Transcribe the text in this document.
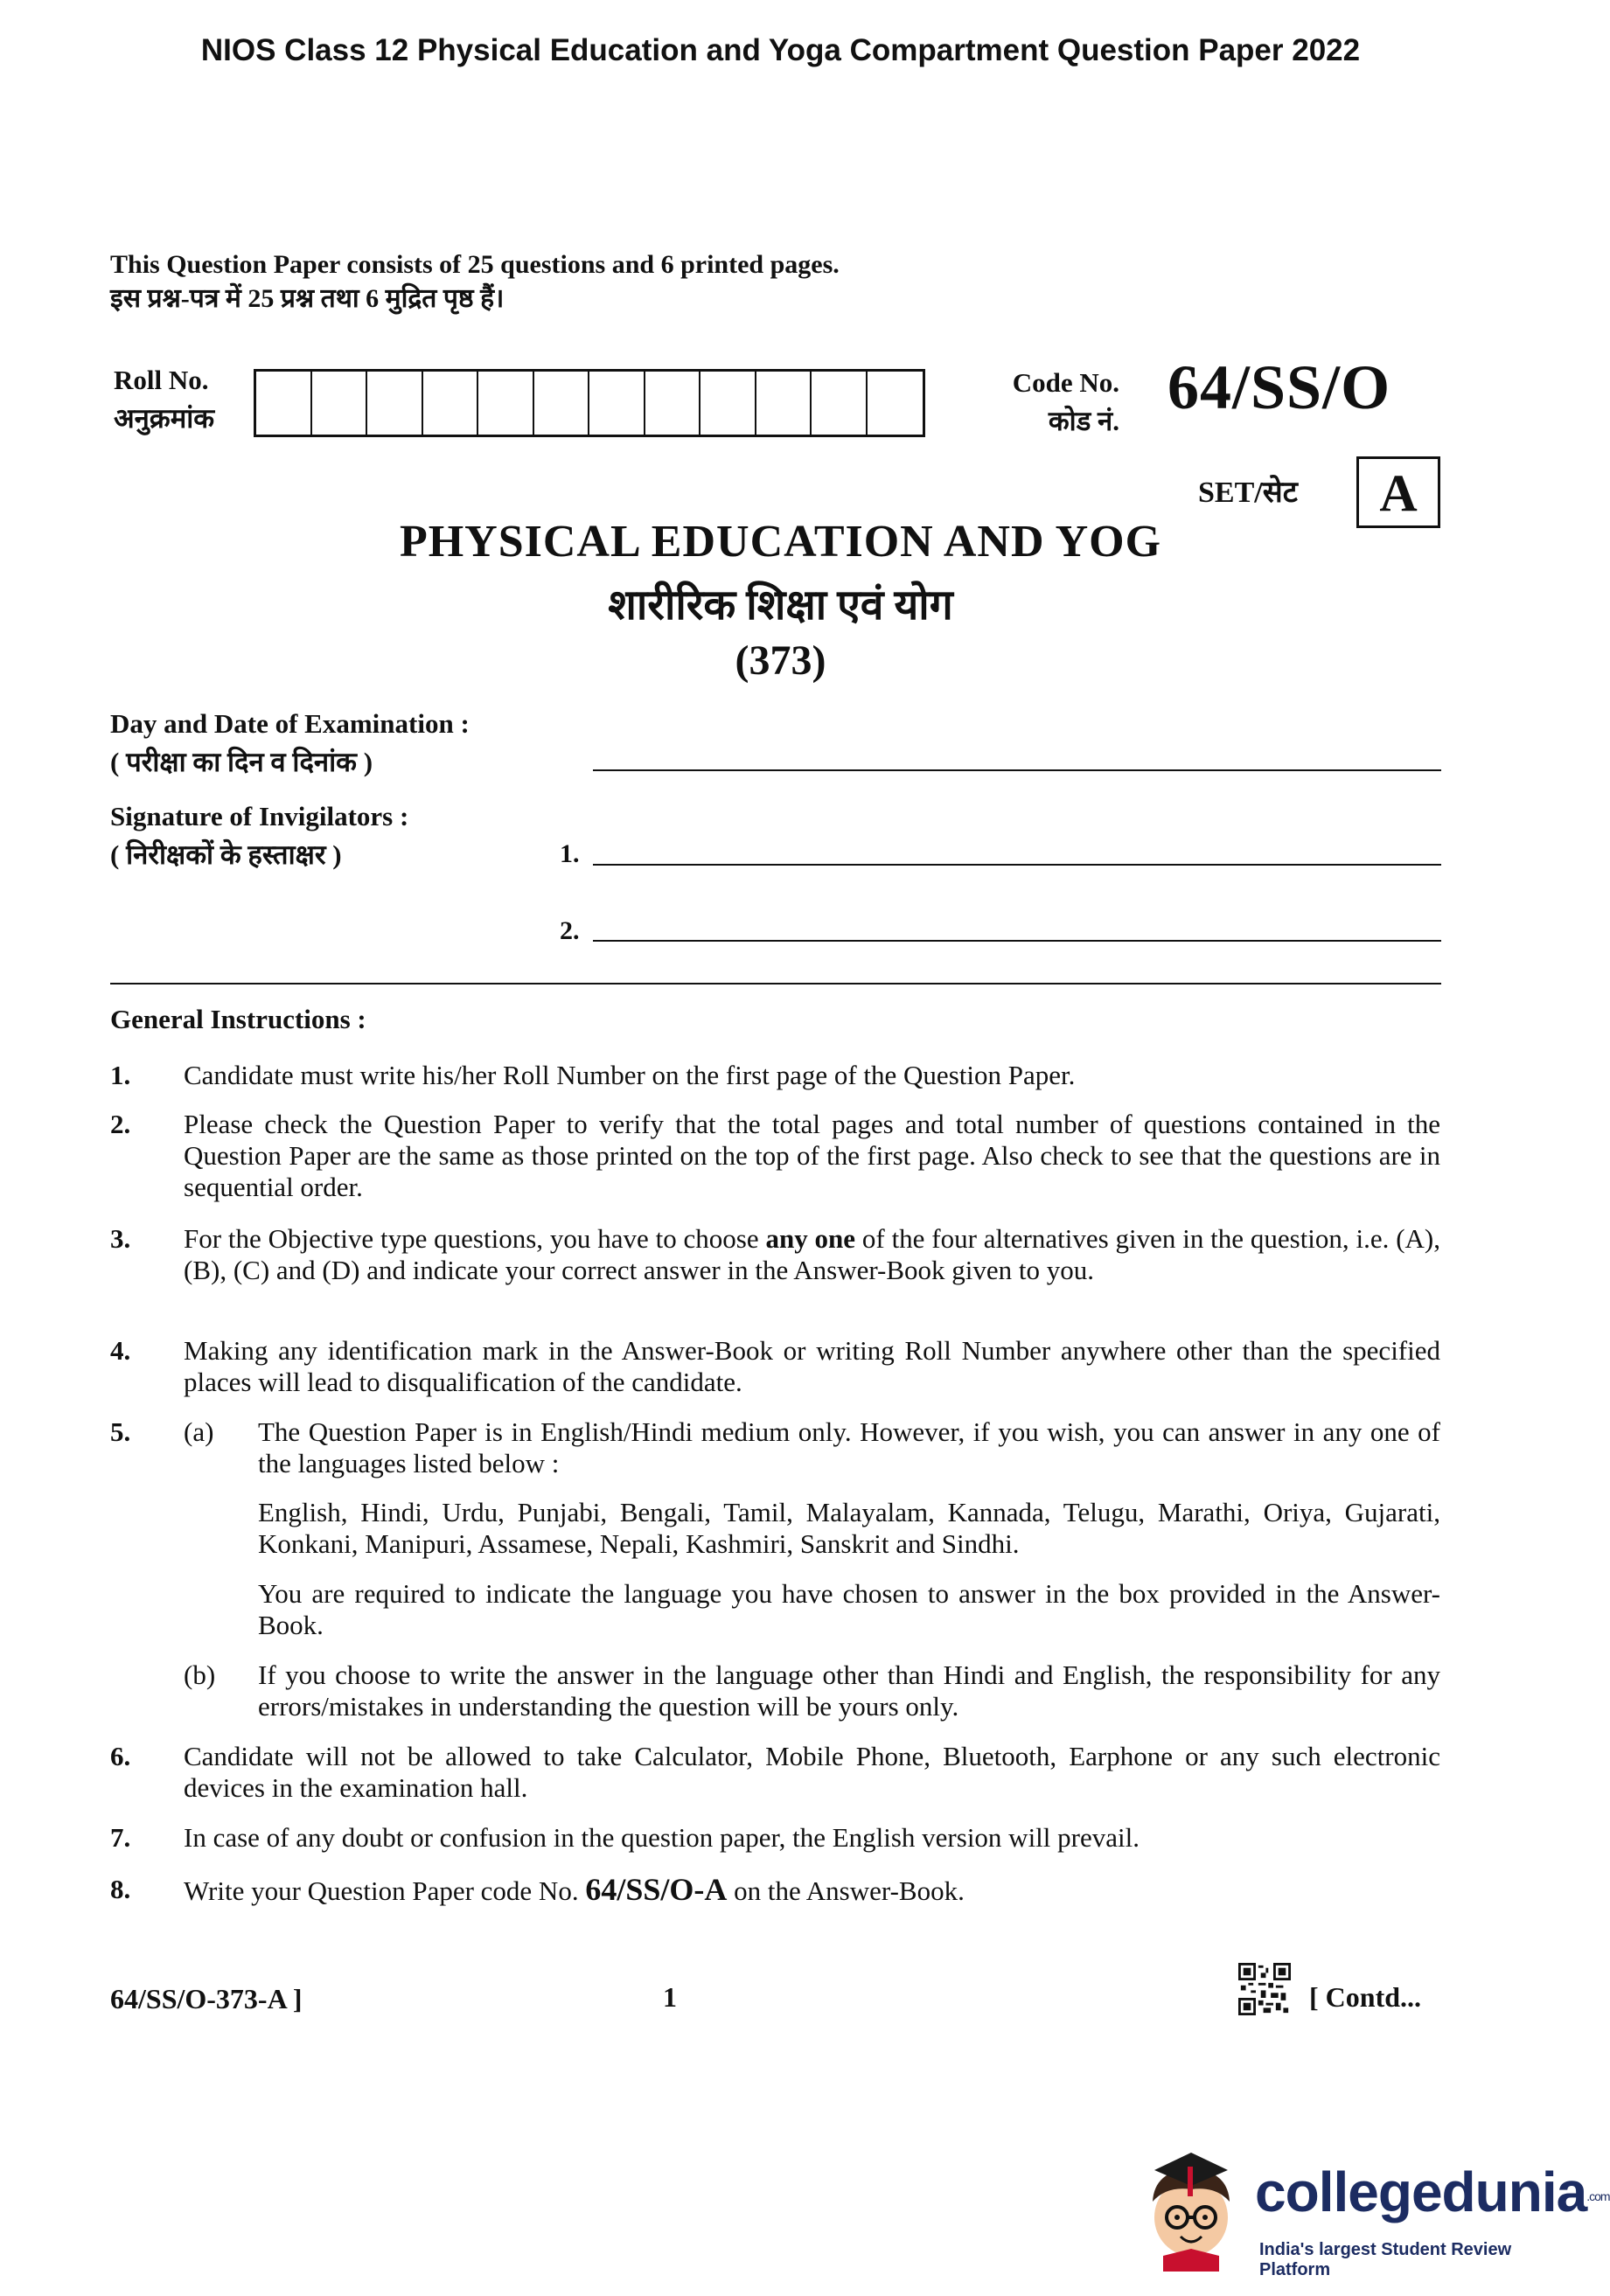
NIOS Class 12 Physical Education and Yoga Compartment Question Paper 2022
This Question Paper consists of 25 questions and 6 printed pages.
इस प्रश्न-पत्र में 25 प्रश्न तथा 6 मुद्रित पृष्ठ हैं।
Roll No.
अनुक्रमांक
Code No.
कोड नं. 64/SS/O
SET/सेट	A
PHYSICAL EDUCATION AND YOG
शारीरिक शिक्षा एवं योग
(373)
Day and Date of Examination :
( परीक्षा का दिन व दिनांक )
Signature of Invigilators :
( निरीक्षकों के हस्ताक्षर )	1.
2.
General Instructions :
1. Candidate must write his/her Roll Number on the first page of the Question Paper.
2. Please check the Question Paper to verify that the total pages and total number of questions contained in the Question Paper are the same as those printed on the top of the first page. Also check to see that the questions are in sequential order.
3. For the Objective type questions, you have to choose any one of the four alternatives given in the question, i.e. (A), (B), (C) and (D) and indicate your correct answer in the Answer-Book given to you.
4. Making any identification mark in the Answer-Book or writing Roll Number anywhere other than the specified places will lead to disqualification of the candidate.
5. (a) The Question Paper is in English/Hindi medium only. However, if you wish, you can answer in any one of the languages listed below :
English, Hindi, Urdu, Punjabi, Bengali, Tamil, Malayalam, Kannada, Telugu, Marathi, Oriya, Gujarati, Konkani, Manipuri, Assamese, Nepali, Kashmiri, Sanskrit and Sindhi.
You are required to indicate the language you have chosen to answer in the box provided in the Answer-Book.
(b) If you choose to write the answer in the language other than Hindi and English, the responsibility for any errors/mistakes in understanding the question will be yours only.
6. Candidate will not be allowed to take Calculator, Mobile Phone, Bluetooth, Earphone or any such electronic devices in the examination hall.
7. In case of any doubt or confusion in the question paper, the English version will prevail.
8. Write your Question Paper code No. 64/SS/O-A on the Answer-Book.
64/SS/O-373-A ]	1	[ Contd...
collegedunia.com
India's largest Student Review Platform
